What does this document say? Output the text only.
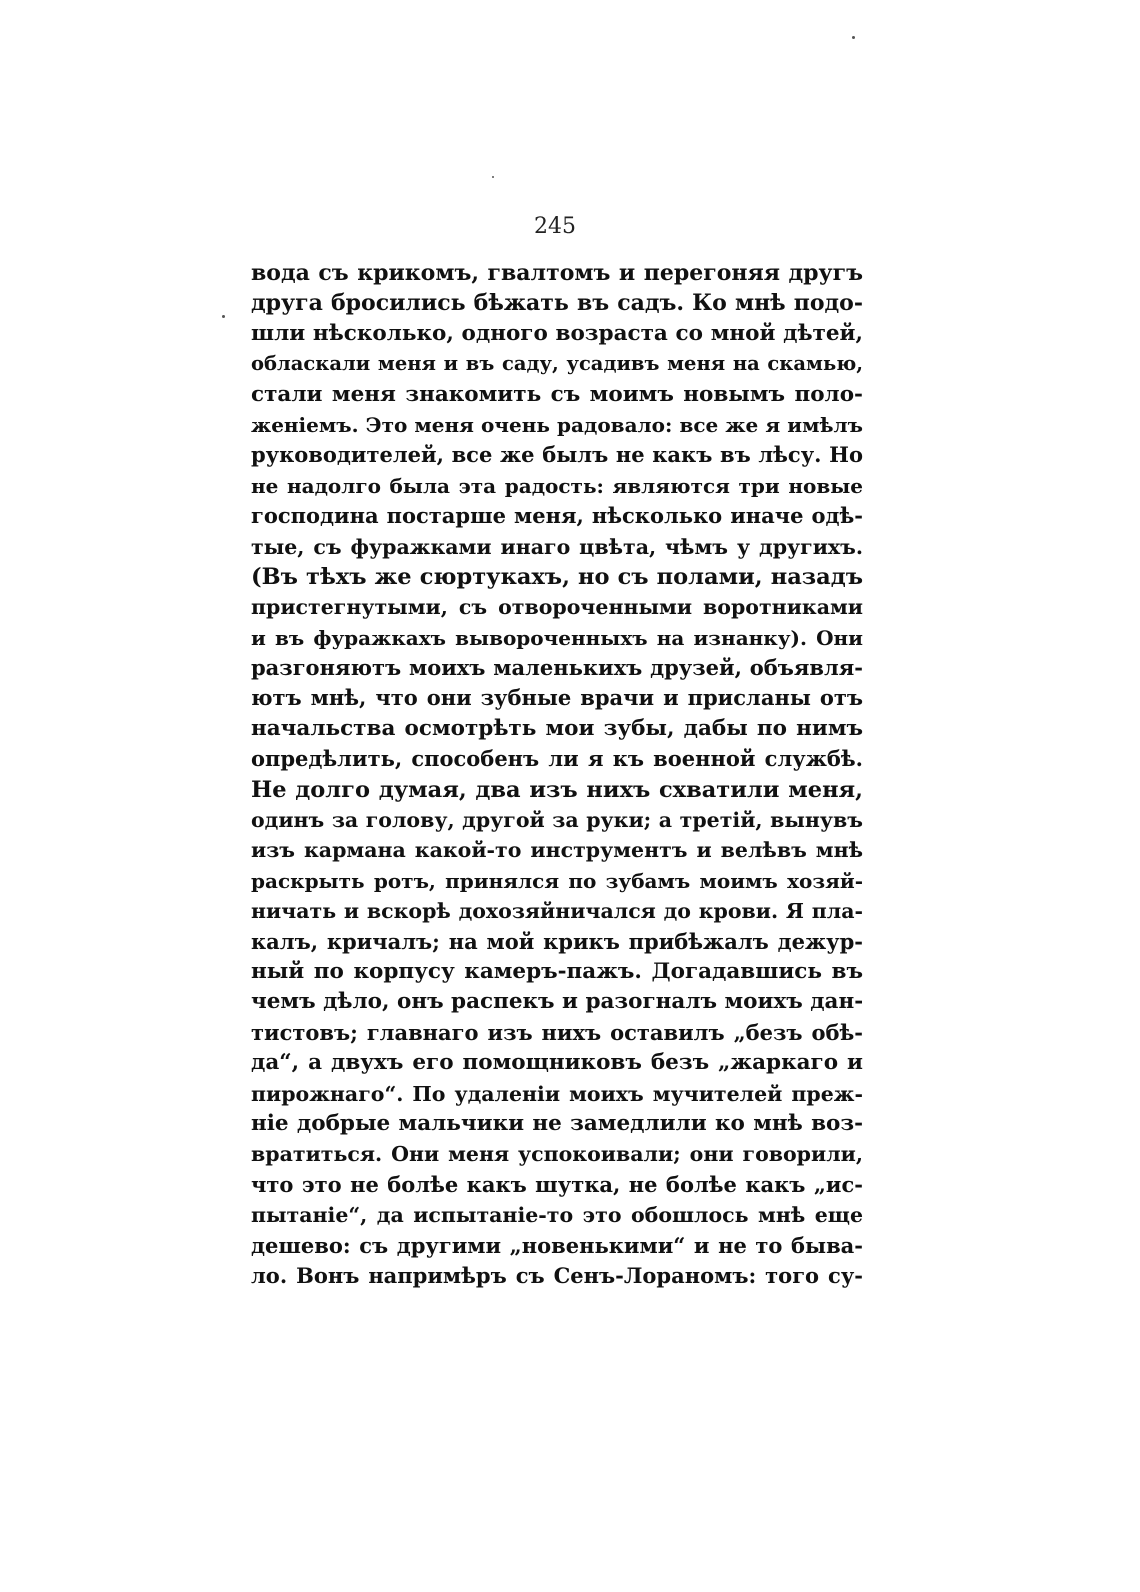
245
вода съ крикомъ, гвалтомъ и перегоняя другъ
друга бросились бѣжать въ садъ. Ко мнѣ подо-
шли нѣсколько, одного возраста со мной дѣтей,
обласкали меня и въ саду, усадивъ меня на скамью,
стали меня знакомить съ моимъ новымъ поло-
женіемъ. Это меня очень радовало: все же я имѣлъ
руководителей, все же былъ не какъ въ лѣсу. Но
не надолго была эта радость: являются три новые
господина постарше меня, нѣсколько иначе одѣ-
тые, съ фуражками инаго цвѣта, чѣмъ у другихъ.
(Въ тѣхъ же сюртукахъ, но съ полами, назадъ
пристегнутыми, съ отвороченными воротниками
и въ фуражкахъ вывороченныхъ на изнанку). Они
разгоняютъ моихъ маленькихъ друзей, объявля-
ютъ мнѣ, что они зубные врачи и присланы отъ
начальства осмотрѣть мои зубы, дабы по нимъ
опредѣлить, способенъ ли я къ военной службѣ.
Не долго думая, два изъ нихъ схватили меня,
одинъ за голову, другой за руки; а третій, вынувъ
изъ кармана какой-то инструментъ и велѣвъ мнѣ
раскрыть ротъ, принялся по зубамъ моимъ хозяй-
ничать и вскорѣ дохозяйничался до крови. Я пла-
калъ, кричалъ; на мой крикъ прибѣжалъ дежур-
ный по корпусу камеръ-пажъ. Догадавшись въ
чемъ дѣло, онъ распекъ и разогналъ моихъ дан-
тистовъ; главнаго изъ нихъ оставилъ „безъ обѣ-
да“, а двухъ его помощниковъ безъ „жаркаго и
пирожнаго“. По удаленіи моихъ мучителей преж-
ніе добрые мальчики не замедлили ко мнѣ воз-
вратиться. Они меня успокоивали; они говорили,
что это не болѣе какъ шутка, не болѣе какъ „ис-
пытаніе“, да испытаніе-то это обошлось мнѣ еще
дешево: съ другими „новенькими“ и не то быва-
ло. Вонъ напримѣръ съ Сенъ-Лораномъ: того су-
